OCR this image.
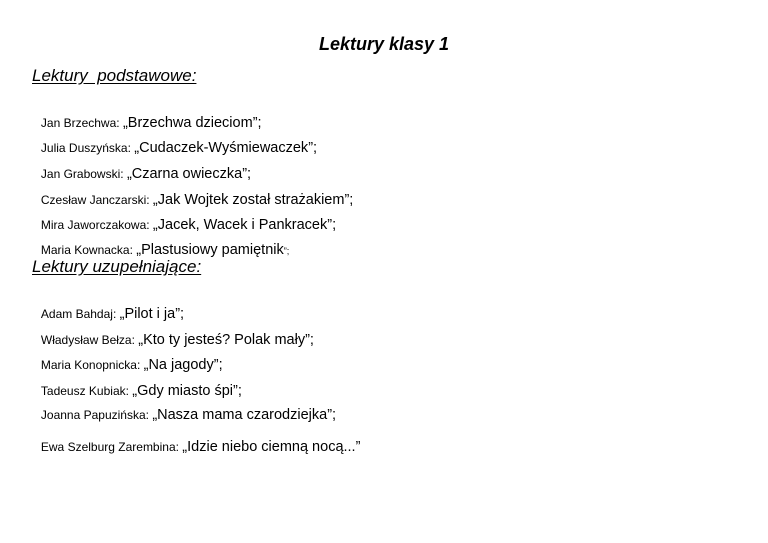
Lektury klasy 1
Lektury  podstawowe:

Jan Brzechwa: „Brzechwa dzieciom”;

Julia Duszyńska: „Cudaczek-Wyśmiewaczek”;

Jan Grabowski: „Czarna owieczka”;

Czesław Janczarski: „Jak Wojtek został strażakiem”;

Mira Jaworczakowa: „Jacek, Wacek i Pankracek”;

Maria Kownacka: „Plastusiowy pamiętnik”;

Lektury uzupełniające:

Adam Bahdaj: „Pilot i ja”;

Władysław Bełza: „Kto ty jesteś? Polak mały”;

Maria Konopnicka: „Na jagody”;

Tadeusz Kubiak: „Gdy miasto śpi”;

Joanna Papuzińska: „Nasza mama czarodziejka”;

Ewa Szelburg Zarembina: „Idzie niebo ciemną nocą...”
